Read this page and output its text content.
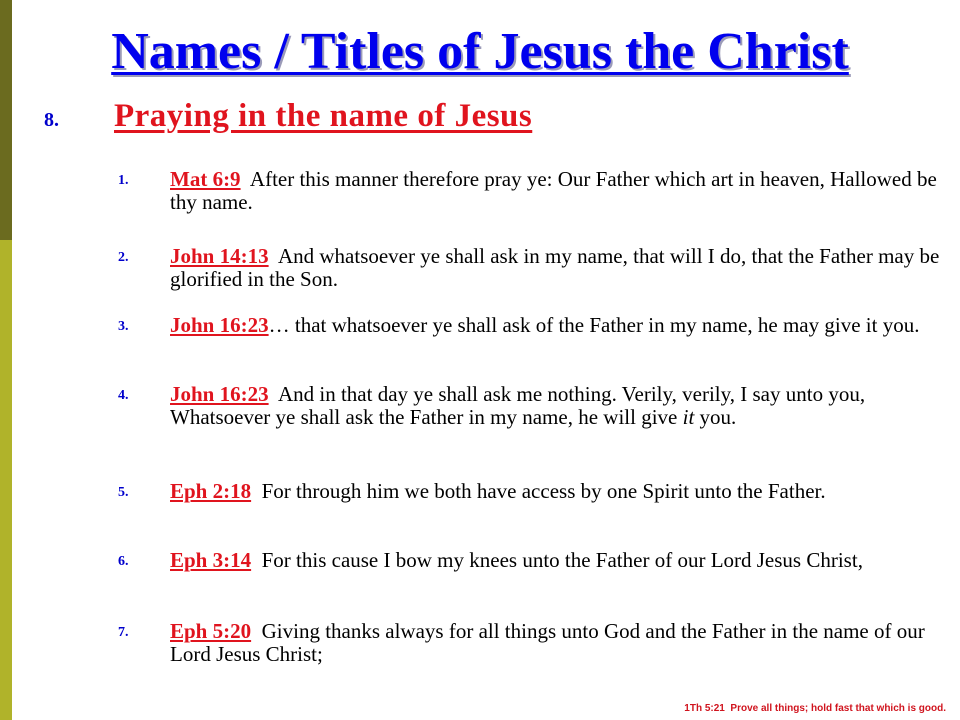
Names / Titles of Jesus the Christ
8.	Praying in the name of Jesus
1. Mat 6:9 After this manner therefore pray ye: Our Father which art in heaven, Hallowed be thy name.
2. John 14:13 And whatsoever ye shall ask in my name, that will I do, that the Father may be glorified in the Son.
3. John 16:23… that whatsoever ye shall ask of the Father in my name, he may give it you.
4. John 16:23 And in that day ye shall ask me nothing. Verily, verily, I say unto you, Whatsoever ye shall ask the Father in my name, he will give it you.
5. Eph 2:18 For through him we both have access by one Spirit unto the Father.
6. Eph 3:14 For this cause I bow my knees unto the Father of our Lord Jesus Christ,
7. Eph 5:20 Giving thanks always for all things unto God and the Father in the name of our Lord Jesus Christ;
1Th 5:21  Prove all things; hold fast that which is good.
